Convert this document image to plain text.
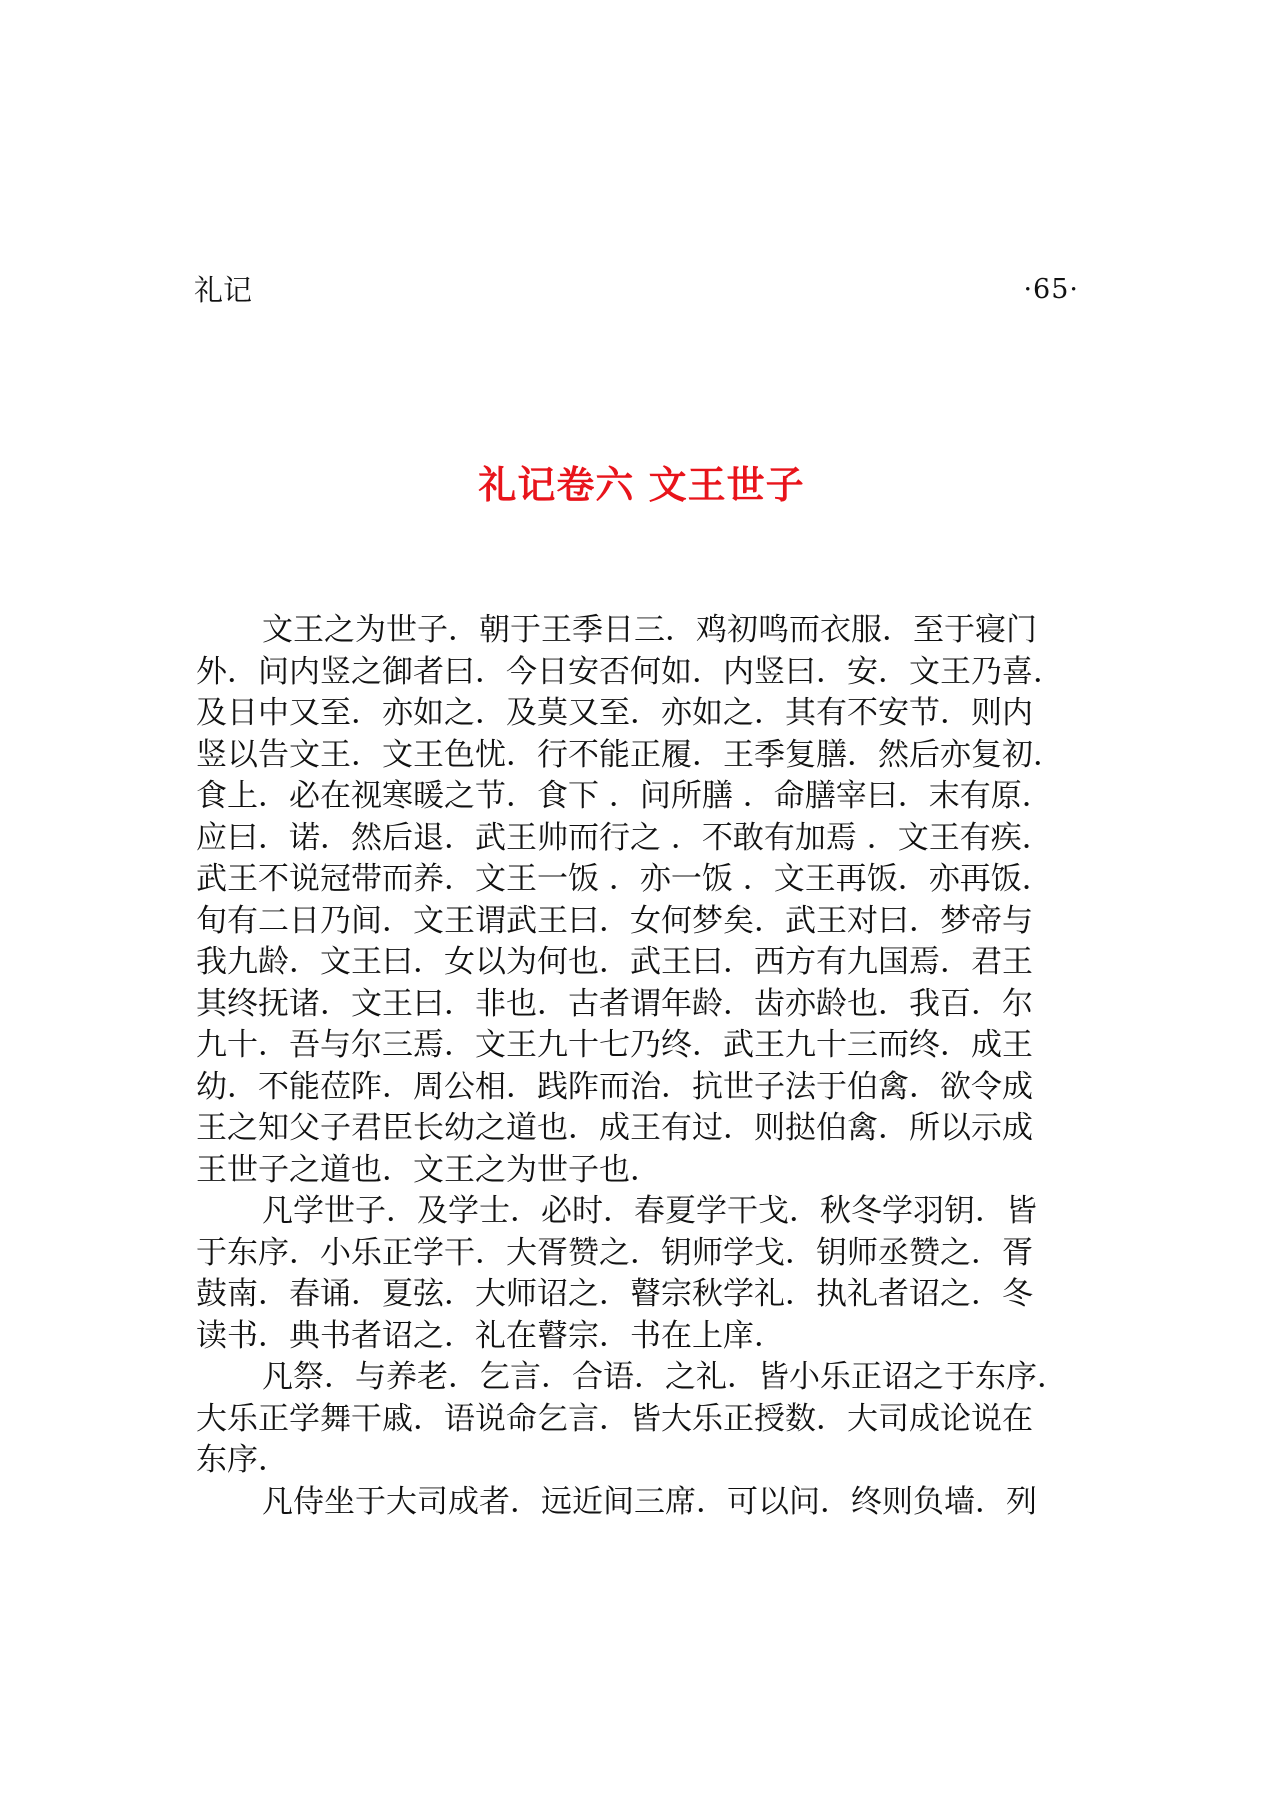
礼记	·65·
礼记卷六 文王世子
文王之为世子．朝于王季日三．鸡初鸣而衣服．至于寝门
外．问内竖之御者曰．今日安否何如．内竖曰．安．文王乃喜．
及日中又至．亦如之．及莫又至．亦如之．其有不安节．则内
竖以告文王．文王色忧．行不能正履．王季复膳．然后亦复初．
食上．必在视寒暖之节．食下 ．问所膳 ．命膳宰曰．末有原．
应曰．诺．然后退．武王帅而行之 ．不敢有加焉 ．文王有疾．
武王不说冠带而养．文王一饭 ．亦一饭 ．文王再饭．亦再饭．
旬有二日乃间．文王谓武王曰．女何梦矣．武王对曰．梦帝与
我九龄．文王曰．女以为何也．武王曰．西方有九国焉．君王
其终抚诸．文王曰．非也．古者谓年龄．齿亦龄也．我百．尔
九十．吾与尔三焉．文王九十七乃终．武王九十三而终．成王
幼．不能莅阼．周公相．践阼而治．抗世子法于伯禽．欲令成
王之知父子君臣长幼之道也．成王有过．则挞伯禽．所以示成
王世子之道也．文王之为世子也．
凡学世子．及学士．必时．春夏学干戈．秋冬学羽钥．皆
于东序．小乐正学干．大胥赞之．钥师学戈．钥师丞赞之．胥
鼓南．春诵．夏弦．大师诏之．瞽宗秋学礼．执礼者诏之．冬
读书．典书者诏之．礼在瞽宗．书在上庠．
凡祭．与养老．乞言．合语．之礼．皆小乐正诏之于东序．
大乐正学舞干戚．语说命乞言．皆大乐正授数．大司成论说在
东序．
凡侍坐于大司成者．远近间三席．可以问．终则负墙．列
